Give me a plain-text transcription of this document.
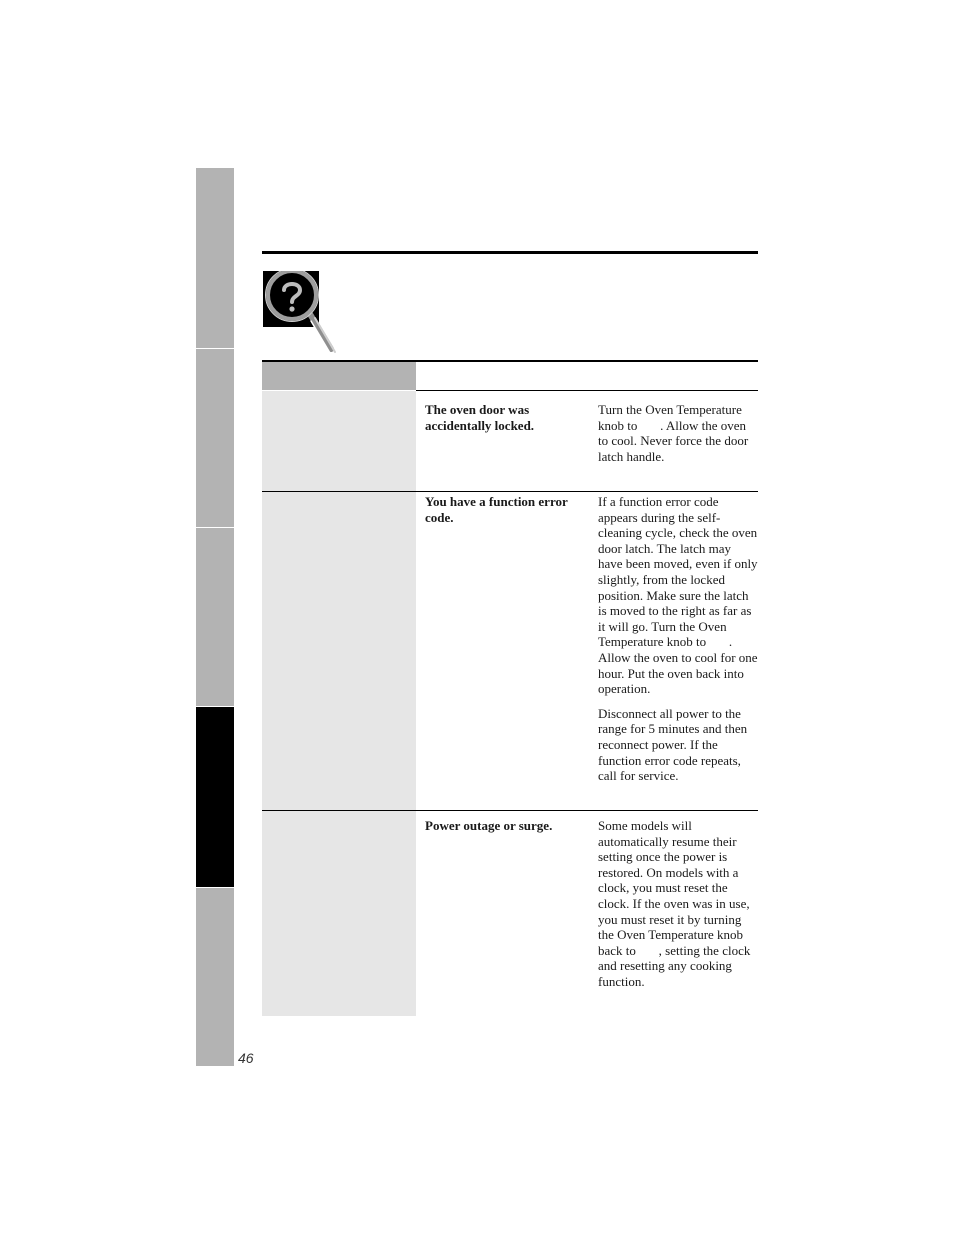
46
The oven door was accidentally locked.

Turn the Oven Temperature knob to       . Allow the oven to cool. Never force the door latch handle.

You have a function error code.

If a function error code appears during the self-cleaning cycle, check the oven door latch. The latch may have been moved, even if only slightly, from the locked position. Make sure the latch is moved to the right as far as it will go. Turn the Oven Temperature knob to       . Allow the oven to cool for one hour. Put the oven back into operation.

Disconnect all power to the range for 5 minutes and then reconnect power. If the function error code repeats, call for service.

Power outage or surge.	Some models will automatically resume their setting once the power is restored. On models with a clock, you must reset the clock. If the oven was in use, you must reset it by turning the Oven Temperature knob back to       , setting the clock and resetting any cooking function.
